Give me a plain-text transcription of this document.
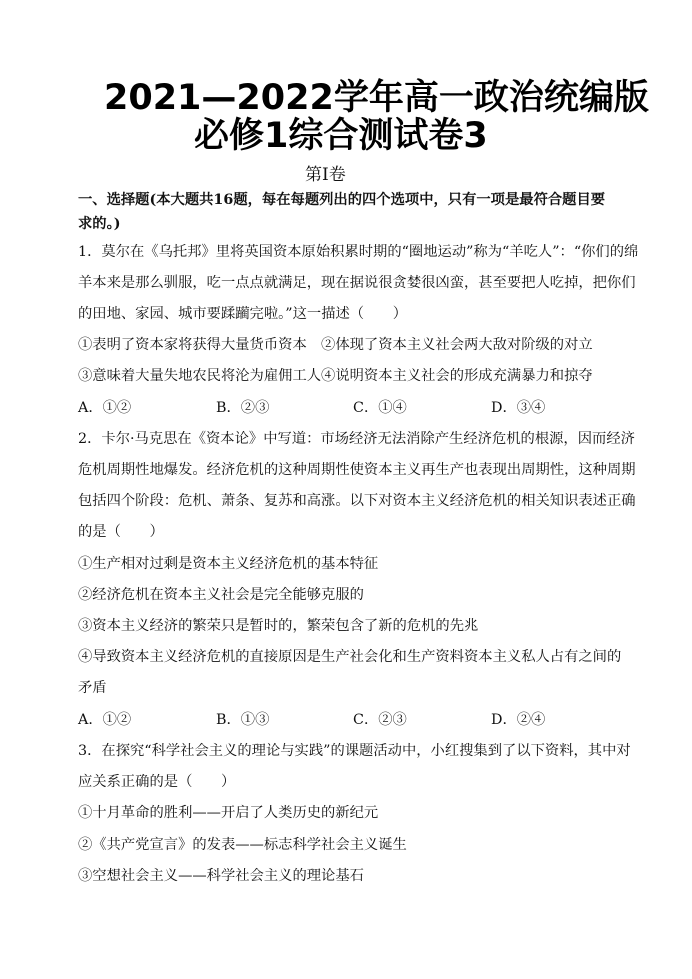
2021—2022学年高一政治统编版
必修1综合测试卷3
第Ⅰ卷
一、选择题(本大题共16题，每在每题列出的四个选项中，只有一项是最符合题目要求的。)
1．莫尔在《乌托邦》里将英国资本原始积累时期的“圈地运动”称为“羊吃人”：“你们的绵
羊本来是那么驯服，吃一点点就满足，现在据说很贪婪很凶蛮，甚至要把人吃掉，把你们
的田地、家园、城市要蹂躏完啦。”这一描述（　　）
①表明了资本家将获得大量货币资本　②体现了资本主义社会两大敌对阶级的对立
③意味着大量失地农民将沦为雇佣工人④说明资本主义社会的形成充满暴力和掠夺
A．①②	B．②③	C．①④	D．③④
2．卡尔·马克思在《资本论》中写道：市场经济无法消除产生经济危机的根源，因而经济
危机周期性地爆发。经济危机的这种周期性使资本主义再生产也表现出周期性，这种周期
包括四个阶段：危机、萧条、复苏和高涨。以下对资本主义经济危机的相关知识表述正确
的是（　　）
①生产相对过剩是资本主义经济危机的基本特征
②经济危机在资本主义社会是完全能够克服的
③资本主义经济的繁荣只是暂时的，繁荣包含了新的危机的先兆
④导致资本主义经济危机的直接原因是生产社会化和生产资料资本主义私人占有之间的
矛盾
A．①②	B．①③	C．②③	D．②④
3．在探究“科学社会主义的理论与实践”的课题活动中，小红搜集到了以下资料，其中对
应关系正确的是（　　）
①十月革命的胜利——开启了人类历史的新纪元
②《共产党宣言》的发表——标志科学社会主义诞生
③空想社会主义——科学社会主义的理论基石
